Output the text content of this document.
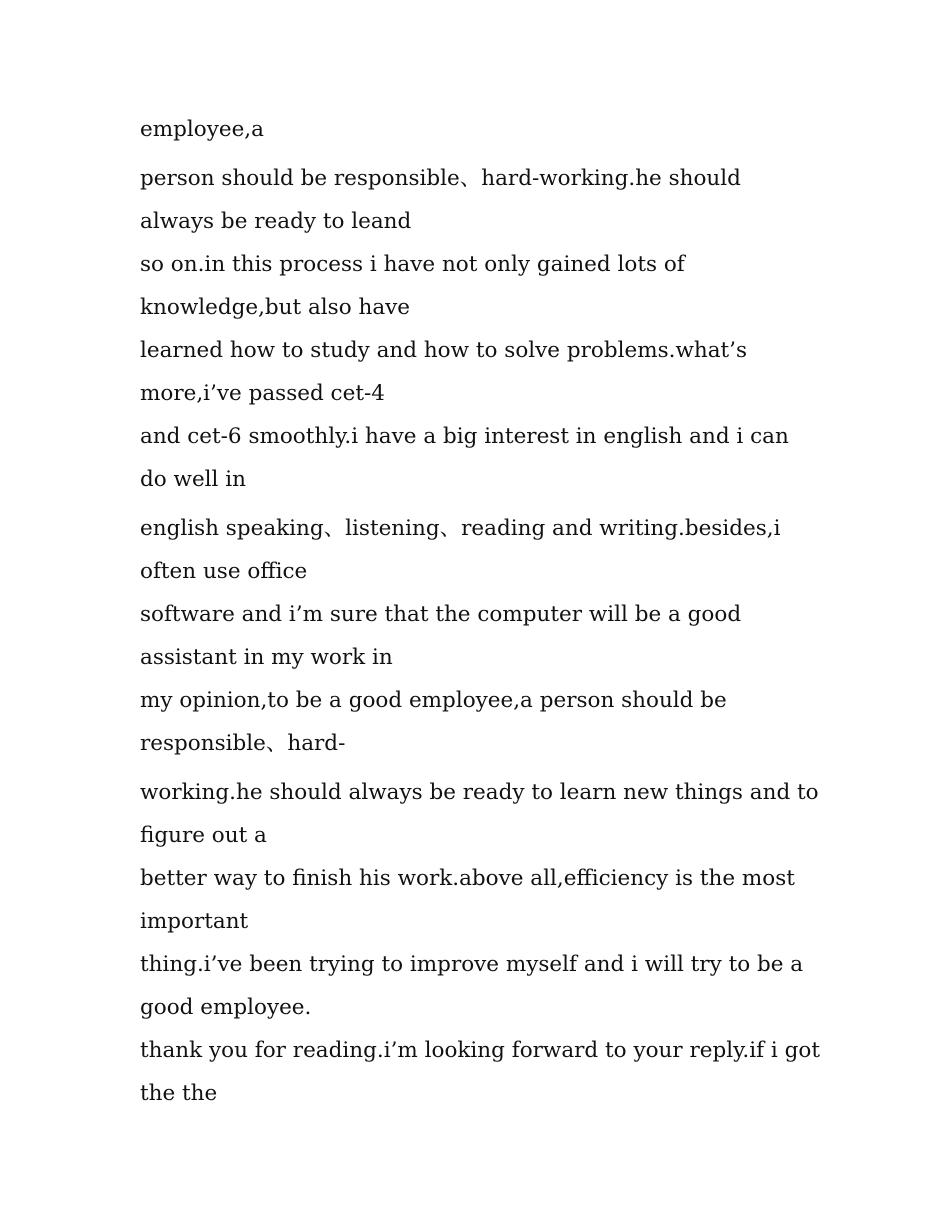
employee,a

person should be responsible、hard-working.he should always be ready to leand

so on.in this process i have not only gained lots of knowledge,but also have

learned how to study and how to solve problems.what’s more,i’ve passed cet-4

and cet-6 smoothly.i have a big interest in english and i can do well in

english speaking、listening、reading and writing.besides,i often use office

software and i’m sure that the computer will be a good assistant in my work in

my opinion,to be a good employee,a person should be responsible、hard-

working.he should always be ready to learn new things and to figure out a

better way to finish his work.above all,efficiency is the most important

thing.i’ve been trying to improve myself and i will try to be a good employee.

thank you for reading.i’m looking forward to your reply.if i got the the
